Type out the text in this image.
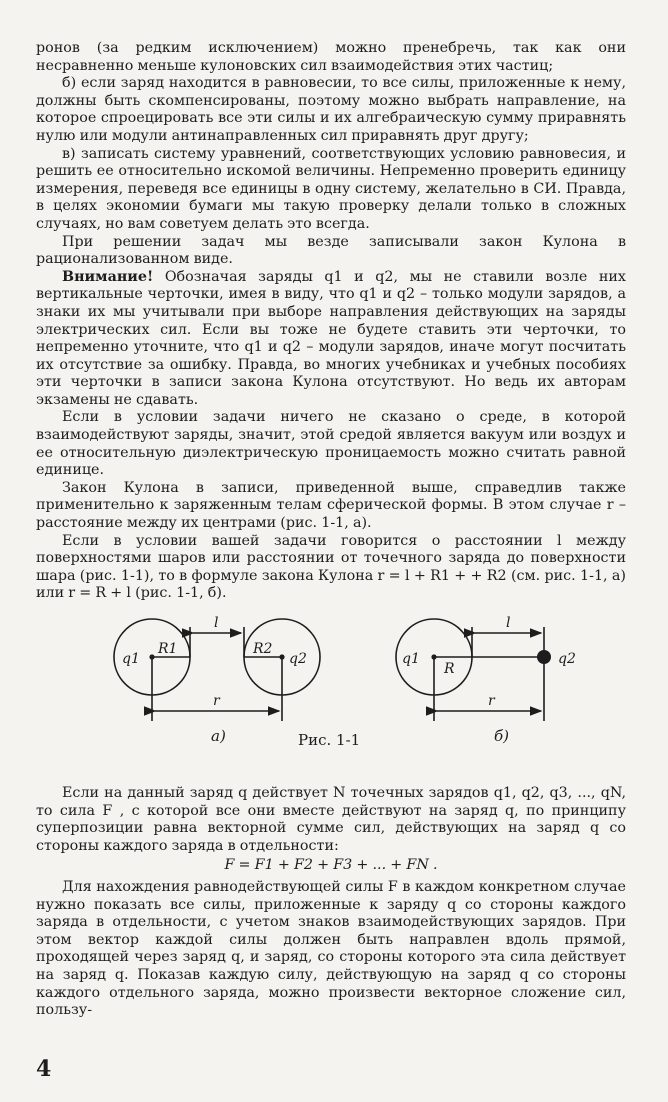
ронов (за редким исключением) можно пренебречь, так как они несравненно меньше кулоновских сил взаимодействия этих частиц;

б) если заряд находится в равновесии, то все силы, приложенные к нему, должны быть скомпенсированы, поэтому можно выбрать направление, на которое спроецировать все эти силы и их алгебраическую сумму приравнять нулю или модули антинаправленных сил приравнять друг другу;

в) записать систему уравнений, соответствующих условию равновесия, и решить ее относительно искомой величины. Непременно проверить единицу измерения, переведя все единицы в одну систему, желательно в СИ. Правда, в целях экономии бумаги мы такую проверку делали только в сложных случаях, но вам советуем делать это всегда.

При решении задач мы везде записывали закон Кулона в рационализованном виде.

Внимание! Обозначая заряды q1 и q2, мы не ставили возле них вертикальные черточки, имея в виду, что q1 и q2 – только модули зарядов, а знаки их мы учитывали при выборе направления действующих на заряды электрических сил. Если вы тоже не будете ставить эти черточки, то непременно уточните, что q1 и q2 – модули зарядов, иначе могут посчитать их отсутствие за ошибку. Правда, во многих учебниках и учебных пособиях эти черточки в записи закона Кулона отсутствуют. Но ведь их авторам экзамены не сдавать.

Если в условии задачи ничего не сказано о среде, в которой взаимодействуют заряды, значит, этой средой является вакуум или воздух и ее относительную диэлектрическую проницаемость можно считать равной единице.

Закон Кулона в записи, приведенной выше, справедлив также применительно к заряженным телам сферической формы. В этом случае r – расстояние между их центрами (рис. 1-1, а).

Если в условии вашей задачи говорится о расстоянии l между поверхностями шаров или расстоянии от точечного заряда до поверхности шара (рис. 1-1), то в формуле закона Кулона r = l + R1 + + R2 (см. рис. 1-1, а) или r = R + l (рис. 1-1, б).

q1
R1	R2
q2
l
r
q1
R
q2
l
r
а)	Рис. 1-1	б)

Если на данный заряд q действует N точечных зарядов q1, q2, q3, ..., qN, то сила F , с которой все они вместе действуют на заряд q, по принципу суперпозиции равна векторной сумме сил, действующих на заряд q со стороны каждого заряда в отдельности:

F = F1 + F2 + F3 + ... + FN .

Для нахождения равнодействующей силы F в каждом конкретном случае нужно показать все силы, приложенные к заряду q со стороны каждого заряда в отдельности, с учетом знаков взаимодействующих зарядов. При этом вектор каждой силы должен быть направлен вдоль прямой, проходящей через заряд q, и заряд, со стороны которого эта сила действует на заряд q. Показав каждую силу, действующую на заряд q со стороны каждого отдельного заряда, можно произвести векторное сложение сил, пользу-

4
